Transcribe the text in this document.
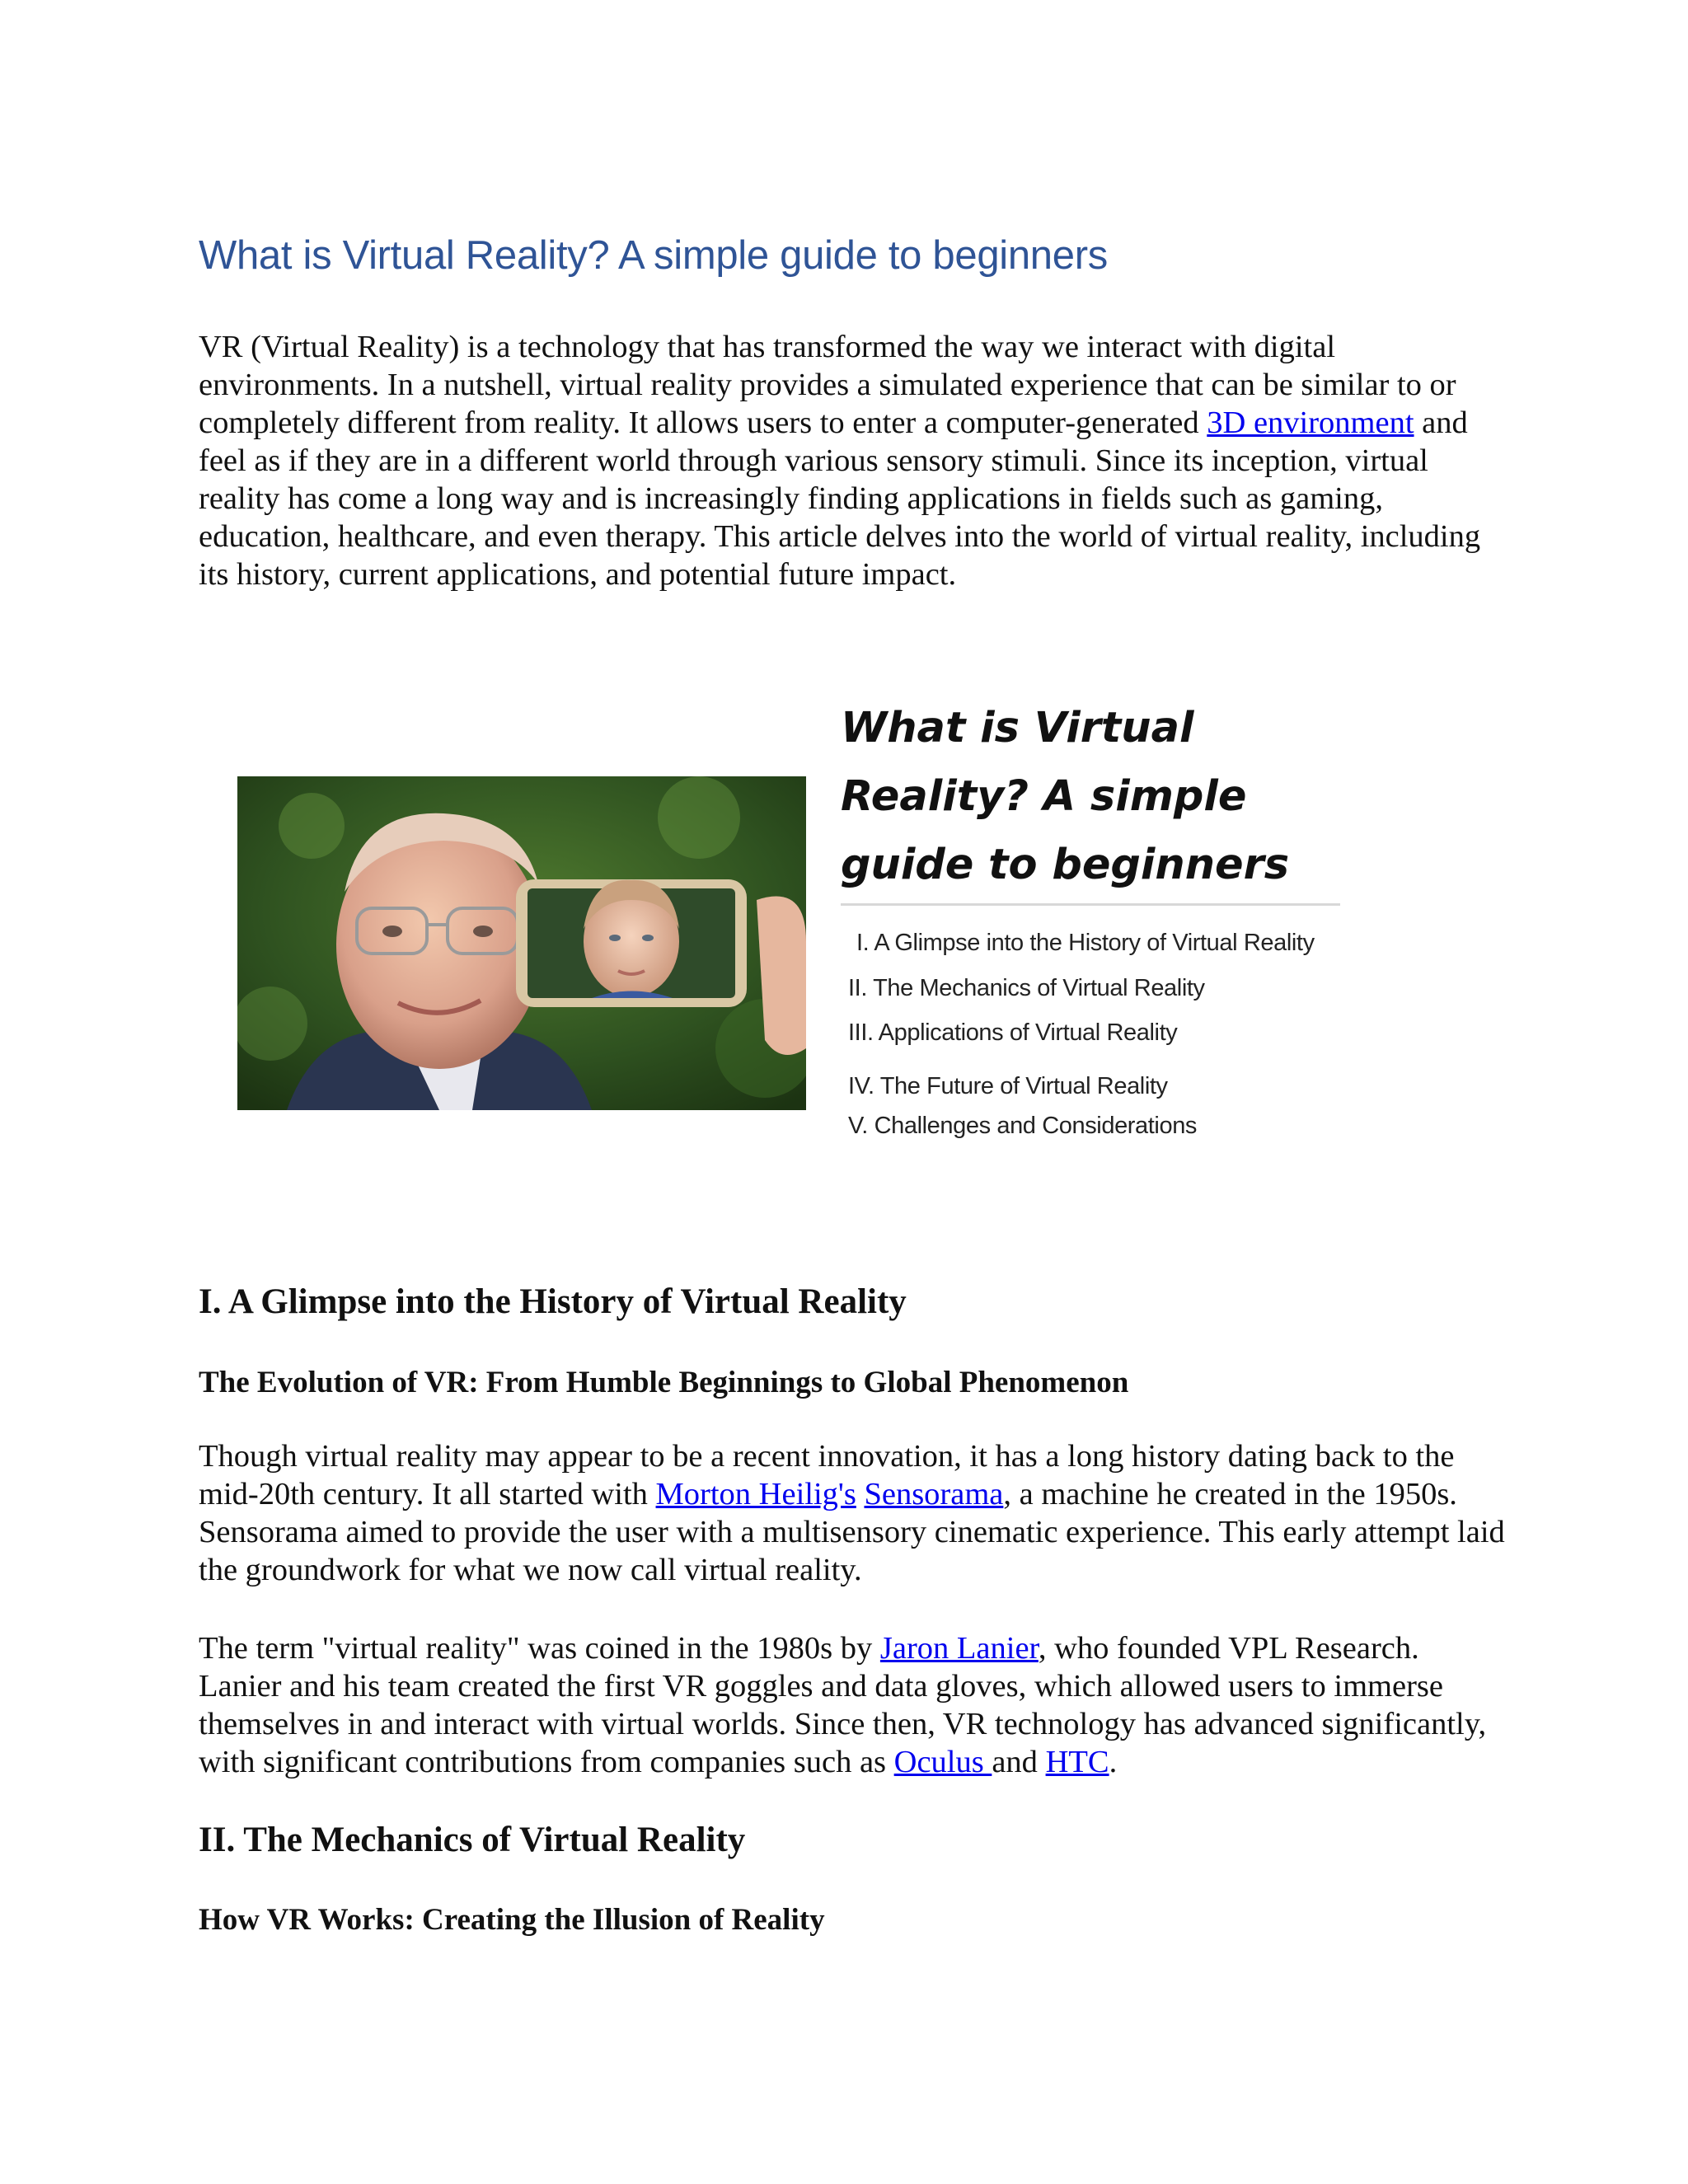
What is Virtual Reality? A simple guide to beginners

VR (Virtual Reality) is a technology that has transformed the way we interact with digital environments. In a nutshell, virtual reality provides a simulated experience that can be similar to or completely different from reality. It allows users to enter a computer-generated 3D environment and feel as if they are in a different world through various sensory stimuli. Since its inception, virtual reality has come a long way and is increasingly finding applications in fields such as gaming, education, healthcare, and even therapy. This article delves into the world of virtual reality, including its history, current applications, and potential future impact.

What is Virtual Reality? A simple guide to beginners
I. A Glimpse into the History of Virtual Reality
II. The Mechanics of Virtual Reality
III. Applications of Virtual Reality
IV. The Future of Virtual Reality
V. Challenges and Considerations
I. A Glimpse into the History of Virtual Reality
The Evolution of VR: From Humble Beginnings to Global Phenomenon

Though virtual reality may appear to be a recent innovation, it has a long history dating back to the mid-20th century. It all started with Morton Heilig's Sensorama, a machine he created in the 1950s. Sensorama aimed to provide the user with a multisensory cinematic experience. This early attempt laid the groundwork for what we now call virtual reality.

The term "virtual reality" was coined in the 1980s by Jaron Lanier, who founded VPL Research. Lanier and his team created the first VR goggles and data gloves, which allowed users to immerse themselves in and interact with virtual worlds. Since then, VR technology has advanced significantly, with significant contributions from companies such as Oculus and HTC.

II. The Mechanics of Virtual Reality
How VR Works: Creating the Illusion of Reality
